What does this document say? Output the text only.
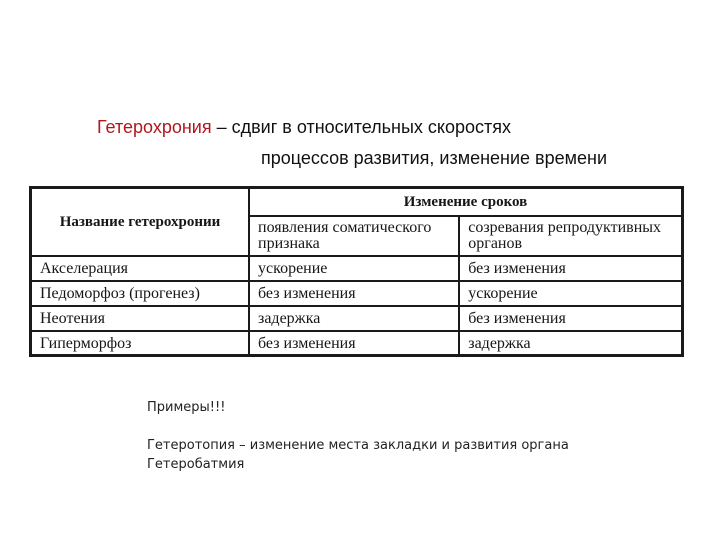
Гетерохрония – сдвиг в относительных скоростях
процессов развития, изменение времени
Название гетерохронии	Изменение сроков	
	появления соматического признака	созревания репродуктивных органов
Акселерация	ускорение	без изменения
Педоморфоз (прогенез)	без изменения	ускорение
Неотения	задержка	без изменения
Гиперморфоз	без изменения	задержка
Примеры!!!
Гетеротопия – изменение места закладки и развития органа
Гетеробатмия
